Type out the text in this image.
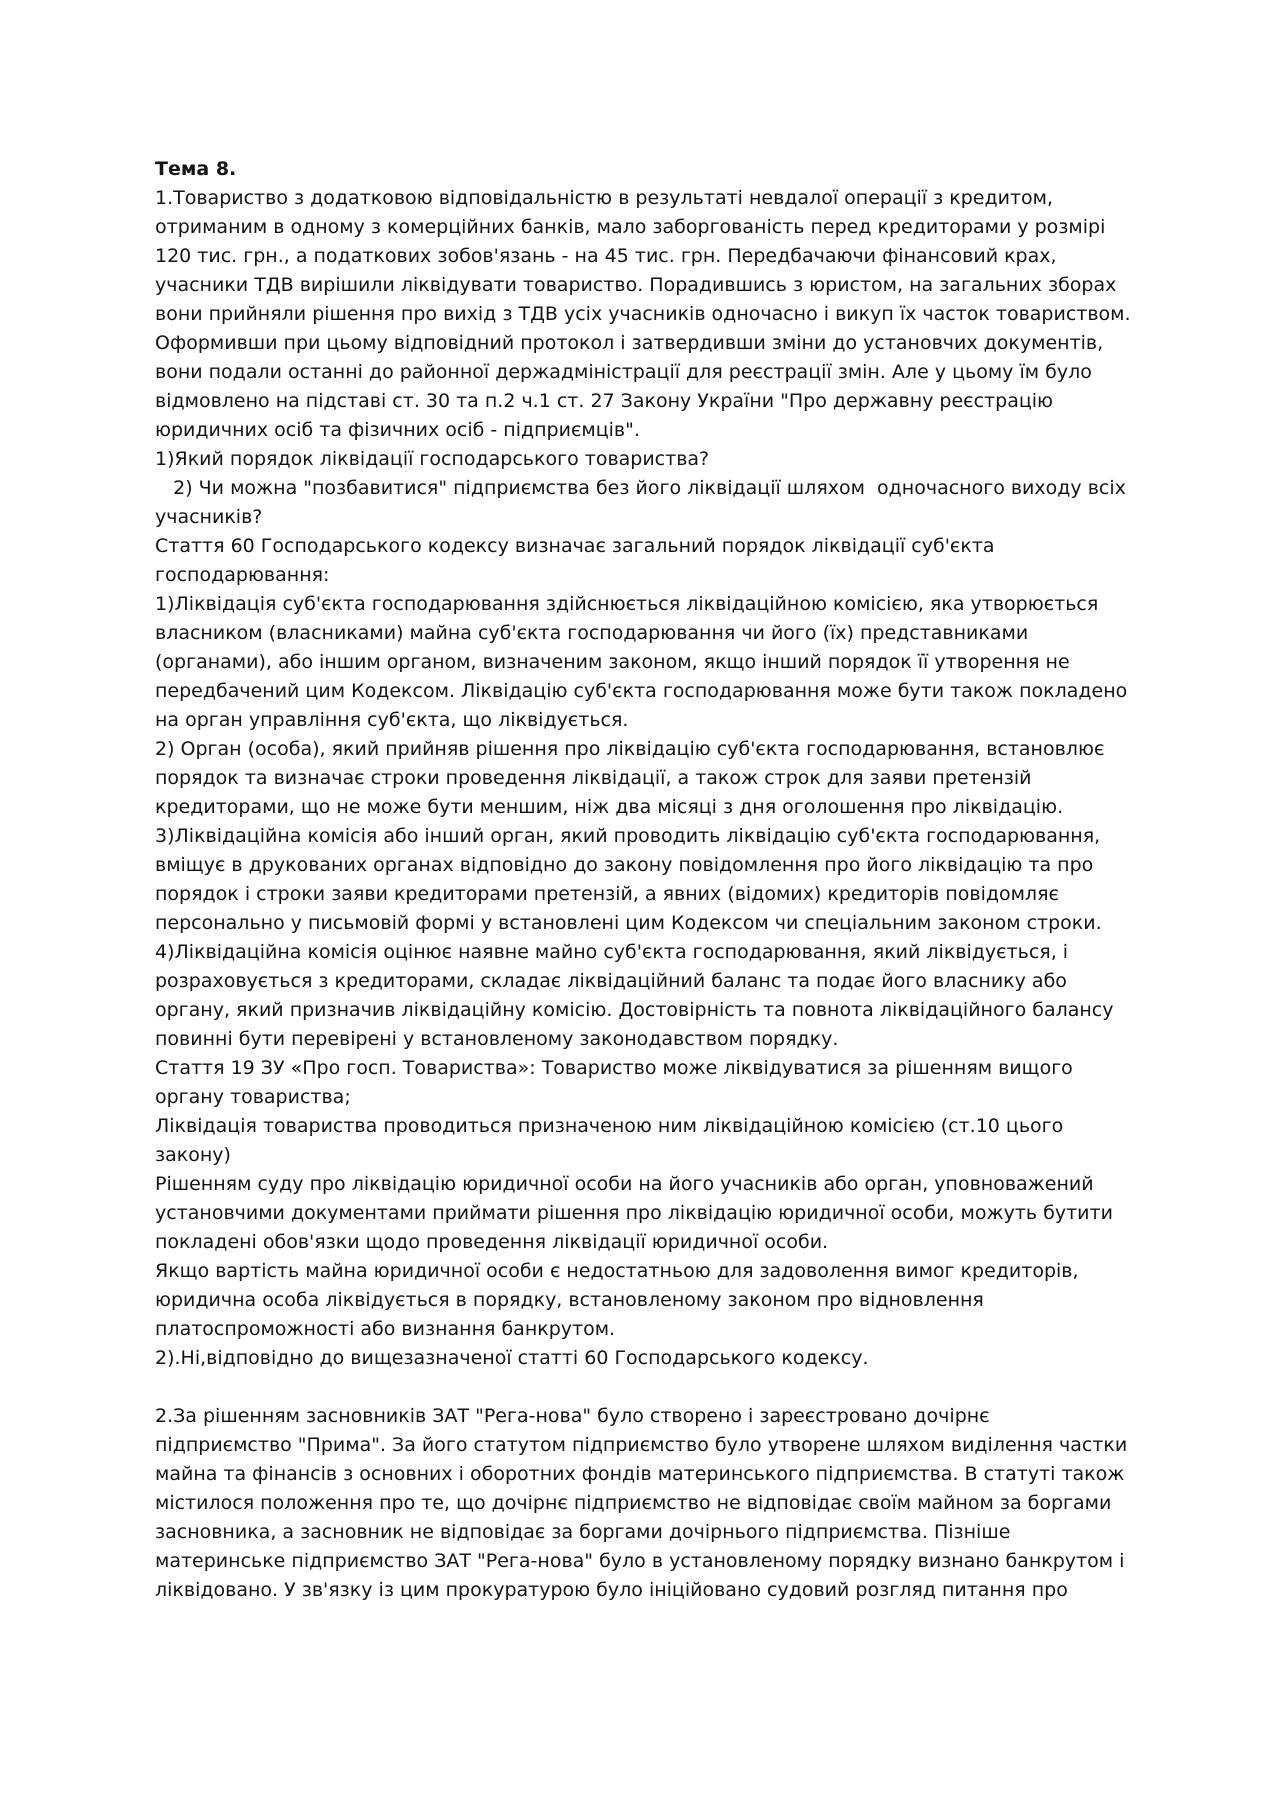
Тема 8.
1.Товариство з додатковою відповідальністю в результаті невдалої операції з кредитом,
отриманим в одному з комерційних банків, мало заборгованість перед кредиторами у розмірі
120 тис. грн., а податкових зобов'язань - на 45 тис. грн. Передбачаючи фінансовий крах,
учасники ТДВ вирішили ліквідувати товариство. Порадившись з юристом, на загальних зборах
вони прийняли рішення про вихід з ТДВ усіх учасників одночасно і викуп їх часток товариством.
Оформивши при цьому відповідний протокол і затвердивши зміни до установчих документів,
вони подали останні до районної держадміністрації для реєстрації змін. Але у цьому їм було
відмовлено на підставі ст. 30 та п.2 ч.1 ст. 27 Закону України "Про державну реєстрацію
юридичних осіб та фізичних осіб - підприємців".
1)Який порядок ліквідації господарського товариства?
2) Чи можна "позбавитися" підприємства без його ліквідації шляхом  одночасного виходу всіх
учасників?
Стаття 60 Господарського кодексу визначає загальний порядок ліквідації суб'єкта
господарювання:
1)Ліквідація суб'єкта господарювання здійснюється ліквідаційною комісією, яка утворюється
власником (власниками) майна суб'єкта господарювання чи його (їх) представниками
(органами), або іншим органом, визначеним законом, якщо інший порядок її утворення не
передбачений цим Кодексом. Ліквідацію суб'єкта господарювання може бути також покладено
на орган управління суб'єкта, що ліквідується.
2) Орган (особа), який прийняв рішення про ліквідацію суб'єкта господарювання, встановлює
порядок та визначає строки проведення ліквідації, а також строк для заяви претензій
кредиторами, що не може бути меншим, ніж два місяці з дня оголошення про ліквідацію.
3)Ліквідаційна комісія або інший орган, який проводить ліквідацію суб'єкта господарювання,
вміщує в друкованих органах відповідно до закону повідомлення про його ліквідацію та про
порядок і строки заяви кредиторами претензій, а явних (відомих) кредиторів повідомляє
персонально у письмовій формі у встановлені цим Кодексом чи спеціальним законом строки.
4)Ліквідаційна комісія оцінює наявне майно суб'єкта господарювання, який ліквідується, і
розраховується з кредиторами, складає ліквідаційний баланс та подає його власнику або
органу, який призначив ліквідаційну комісію. Достовірність та повнота ліквідаційного балансу
повинні бути перевірені у встановленому законодавством порядку.
Стаття 19 ЗУ «Про госп. Товариства»: Товариство може ліквідуватися за рішенням вищого
органу товариства;
Ліквідація товариства проводиться призначеною ним ліквідаційною комісією (ст.10 цього
закону)
Рішенням суду про ліквідацію юридичної особи на його учасників або орган, уповноважений
установчими документами приймати рішення про ліквідацію юридичної особи, можуть бутити
покладені обов'язки щодо проведення ліквідації юридичної особи.
Якщо вартість майна юридичної особи є недостатньою для задоволення вимог кредиторів,
юридична особа ліквідується в порядку, встановленому законом про відновлення
платоспроможності або визнання банкрутом.
2).Ні,відповідно до вищезазначеної статті 60 Господарського кодексу.
2.За рішенням засновників ЗАТ "Рега-нова" було створено і зареєстровано дочірнє
підприємство "Прима". За його статутом підприємство було утворене шляхом виділення частки
майна та фінансів з основних і оборотних фондів материнського підприємства. В статуті також
містилося положення про те, що дочірнє підприємство не відповідає своїм майном за боргами
засновника, а засновник не відповідає за боргами дочірнього підприємства. Пізніше
материнське підприємство ЗАТ "Рега-нова" було в установленому порядку визнано банкрутом і
ліквідовано. У зв'язку із цим прокуратурою було ініційовано судовий розгляд питання про
